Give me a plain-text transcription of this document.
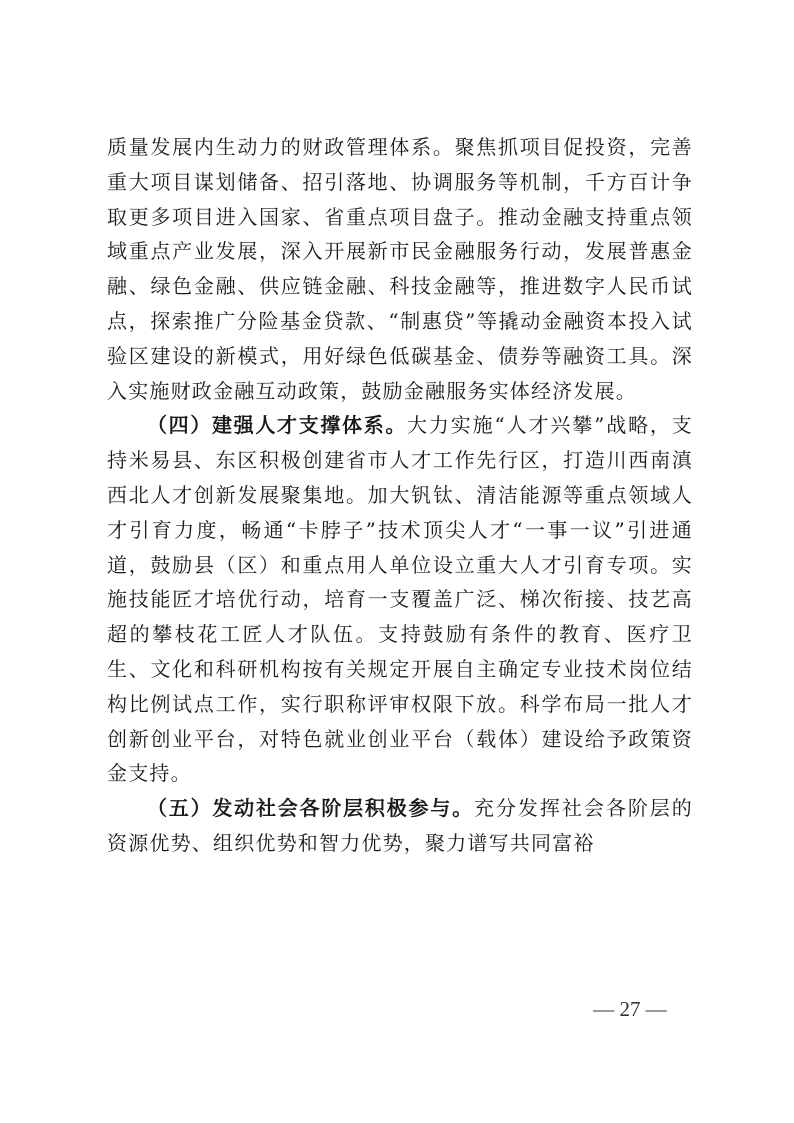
质量发展内生动力的财政管理体系。聚焦抓项目促投资，完善重大项目谋划储备、招引落地、协调服务等机制，千方百计争取更多项目进入国家、省重点项目盘子。推动金融支持重点领域重点产业发展，深入开展新市民金融服务行动，发展普惠金融、绿色金融、供应链金融、科技金融等，推进数字人民币试点，探索推广分险基金贷款、“制惠贷”等撬动金融资本投入试验区建设的新模式，用好绿色低碳基金、债券等融资工具。深入实施财政金融互动政策，鼓励金融服务实体经济发展。

（四）建强人才支撑体系。大力实施“人才兴攀”战略，支持米易县、东区积极创建省市人才工作先行区，打造川西南滇西北人才创新发展聚集地。加大钒钛、清洁能源等重点领域人才引育力度，畅通“卡脖子”技术顶尖人才“一事一议”引进通道，鼓励县（区）和重点用人单位设立重大人才引育专项。实施技能匠才培优行动，培育一支覆盖广泛、梯次衔接、技艺高超的攀枝花工匠人才队伍。支持鼓励有条件的教育、医疗卫生、文化和科研机构按有关规定开展自主确定专业技术岗位结构比例试点工作，实行职称评审权限下放。科学布局一批人才创新创业平台，对特色就业创业平台（载体）建设给予政策资金支持。

（五）发动社会各阶层积极参与。充分发挥社会各阶层的资源优势、组织优势和智力优势，聚力谱写共同富裕

— 27 —
